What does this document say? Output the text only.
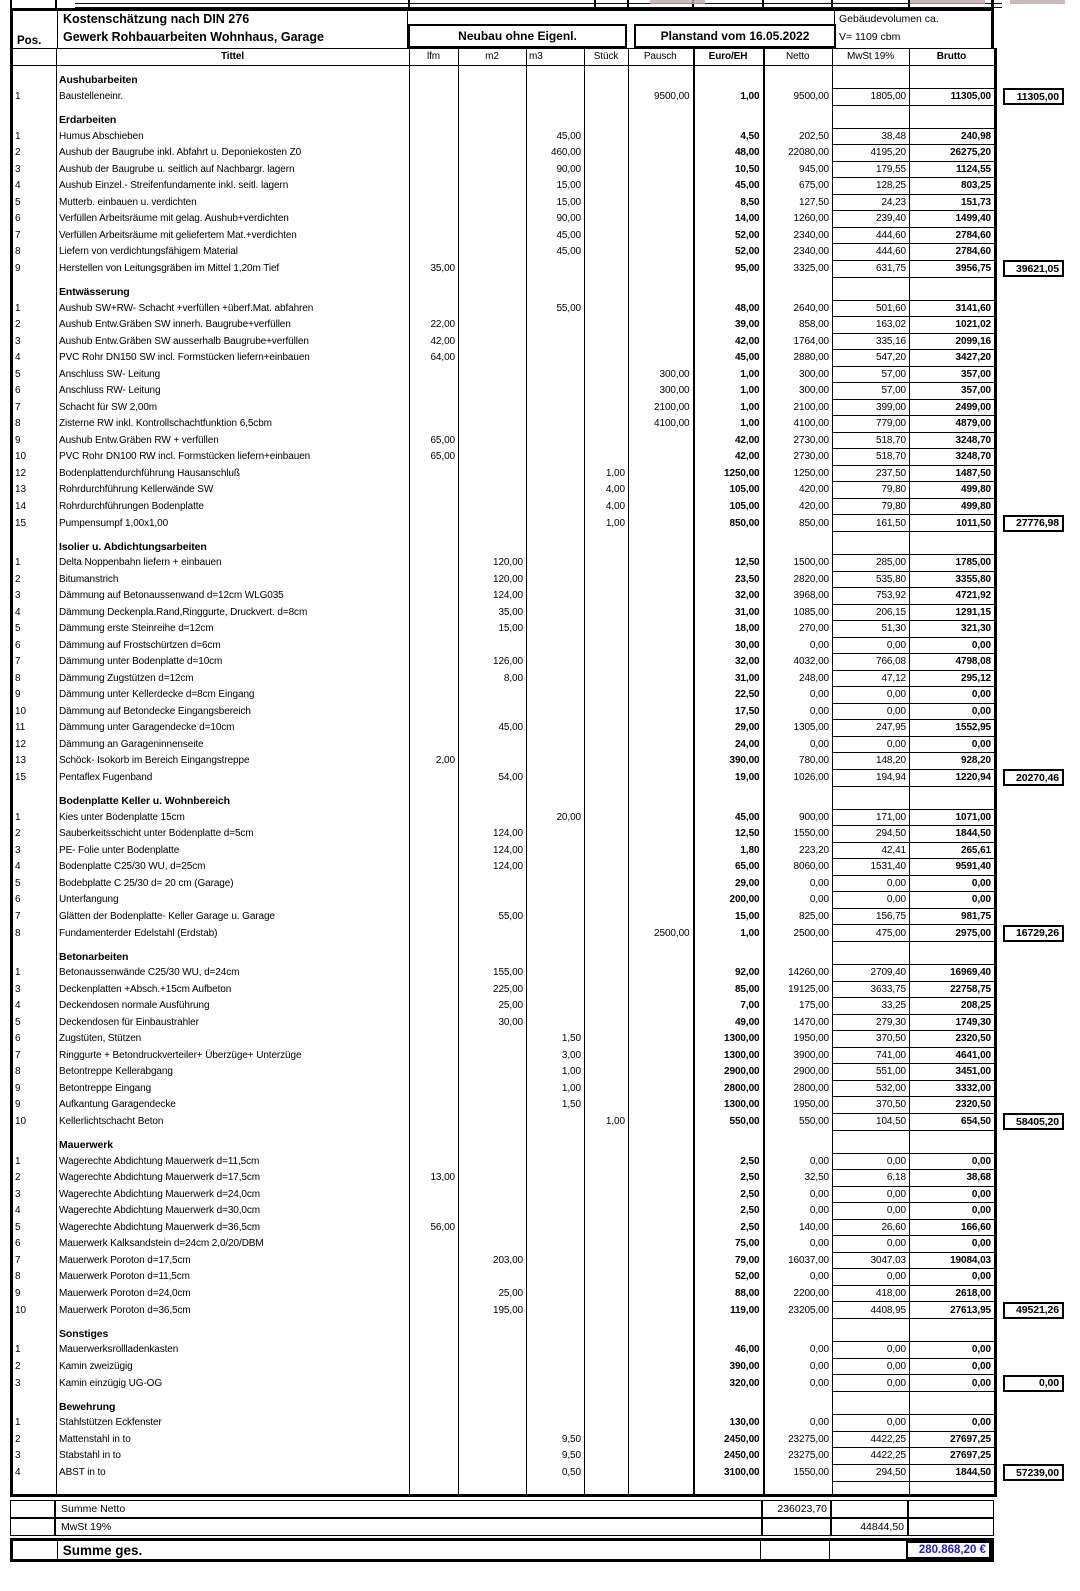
Pos.
Kostenschätzung nach DIN 276
Gewerk Rohbauarbeiten Wohnhaus, Garage	Neubau ohne Eigenl.	Planstand vom 16.05.2022
Gebäudevolumen ca.
V= 1109 cbm
	Tittel	lfm	m2	m3	Stück	Pausch	Euro/EH	Netto	MwSt 19%	Brutto	
	Aushubarbeiten										
1	Baustelleneinr.					9500,00	1,00	9500,00	1805,00	11305,00	11305,00

	Erdarbeiten										
1	Humus Abschieben			45,00			4,50	202,50	38,48	240,98	
2	Aushub der Baugrube inkl. Abfahrt u. Deponiekosten Z0			460,00			48,00	22080,00	4195,20	26275,20	
3	Aushub der Baugrube u. seitlich auf Nachbargr. lagern			90,00			10,50	945,00	179,55	1124,55	
4	Aushub Einzel.- Streifenfundamente inkl. seitl. lagern			15,00			45,00	675,00	128,25	803,25	
5	Mutterb. einbauen u. verdichten			15,00			8,50	127,50	24,23	151,73	
6	Verfüllen Arbeitsräume mit gelag. Aushub+verdichten			90,00			14,00	1260,00	239,40	1499,40	
7	Verfüllen Arbeitsräume mit geliefertem Mat.+verdichten			45,00			52,00	2340,00	444,60	2784,60	
8	Liefern von verdichtungsfähigem Material			45,00			52,00	2340,00	444,60	2784,60	
9	Herstellen von Leitungsgräben im Mittel 1,20m Tief	35,00					95,00	3325,00	631,75	3956,75	39621,05

	Entwässerung										
1	Aushub SW+RW- Schacht +verfüllen +überf.Mat. abfahren			55,00			48,00	2640,00	501,60	3141,60	
2	Aushub Entw.Gräben SW innerh. Baugrube+verfüllen	22,00					39,00	858,00	163,02	1021,02	
3	Aushub Entw.Gräben SW ausserhalb Baugrube+verfüllen	42,00					42,00	1764,00	335,16	2099,16	
4	PVC Rohr DN150 SW incl. Formstücken liefern+einbauen	64,00					45,00	2880,00	547,20	3427,20	
5	Anschluss SW- Leitung					300,00	1,00	300,00	57,00	357,00	
6	Anschluss RW- Leitung					300,00	1,00	300,00	57,00	357,00	
7	Schacht für SW 2,00m					2100,00	1,00	2100,00	399,00	2499,00	
8	Zisterne RW inkl. Kontrollschachtfunktion 6,5cbm					4100,00	1,00	4100,00	779,00	4879,00	
9	Aushub Entw.Gräben RW + verfüllen	65,00					42,00	2730,00	518,70	3248,70	
10	PVC Rohr DN100 RW incl. Formstücken liefern+einbauen	65,00					42,00	2730,00	518,70	3248,70	
12	Bodenplattendurchführung Hausanschluß				1,00		1250,00	1250,00	237,50	1487,50	
13	Rohrdurchführung Kellerwände SW				4,00		105,00	420,00	79,80	499,80	
14	Rohrdurchführungen Bodenplatte				4,00		105,00	420,00	79,80	499,80	
15	Pumpensumpf 1,00x1,00				1,00		850,00	850,00	161,50	1011,50	27776,98

	Isolier u. Abdichtungsarbeiten										
1	Delta Noppenbahn liefern + einbauen		120,00				12,50	1500,00	285,00	1785,00	
2	Bitumanstrich		120,00				23,50	2820,00	535,80	3355,80	
3	Dämmung auf Betonaussenwand d=12cm WLG035		124,00				32,00	3968,00	753,92	4721,92	
4	Dämmung Deckenpla.Rand,Ringgurte, Druckvert. d=8cm		35,00				31,00	1085,00	206,15	1291,15	
5	Dämmung erste Steinreihe d=12cm		15,00				18,00	270,00	51,30	321,30	
6	Dämmung auf Frostschürtzen d=6cm						30,00	0,00	0,00	0,00	
7	Dämmung unter Bodenplatte d=10cm		126,00				32,00	4032,00	766,08	4798,08	
8	Dämmung Zugstützen d=12cm		8,00				31,00	248,00	47,12	295,12	
9	Dämmung unter Kellerdecke d=8cm Eingang						22,50	0,00	0,00	0,00	
10	Dämmung auf Betondecke Eingangsbereich						17,50	0,00	0,00	0,00	
11	Dämmung unter Garagendecke d=10cm		45,00				29,00	1305,00	247,95	1552,95	
12	Dämmung an Garageninnenseite						24,00	0,00	0,00	0,00	
13	Schöck- Isokorb im Bereich Eingangstreppe	2,00					390,00	780,00	148,20	928,20	
15	Pentaflex Fugenband		54,00				19,00	1026,00	194,94	1220,94	20270,46

	Bodenplatte Keller u. Wohnbereich										
1	Kies unter Bodenplatte 15cm			20,00			45,00	900,00	171,00	1071,00	
2	Sauberkeitsschicht unter Bodenplatte d=5cm		124,00				12,50	1550,00	294,50	1844,50	
3	PE- Folie unter Bodenplatte		124,00				1,80	223,20	42,41	265,61	
4	Bodenplatte C25/30 WU, d=25cm		124,00				65,00	8060,00	1531,40	9591,40	
5	Bodebplatte C 25/30 d= 20 cm (Garage)						29,00	0,00	0,00	0,00	
6	Unterfangung						200,00	0,00	0,00	0,00	
7	Glätten der Bodenplatte- Keller Garage u. Garage		55,00				15,00	825,00	156,75	981,75	
8	Fundamenterder Edelstahl (Erdstab)					2500,00	1,00	2500,00	475,00	2975,00	16729,26

	Betonarbeiten										
1	Betonaussenwände C25/30 WU, d=24cm		155,00				92,00	14260,00	2709,40	16969,40	
3	Deckenplatten +Absch.+15cm Aufbeton		225,00				85,00	19125,00	3633,75	22758,75	
4	Deckendosen normale Ausführung		25,00				7,00	175,00	33,25	208,25	
5	Deckendosen für Einbaustrahler		30,00				49,00	1470,00	279,30	1749,30	
6	Zugstüten, Stützen			1,50			1300,00	1950,00	370,50	2320,50	
7	Ringgurte + Betondruckverteiler+ Überzüge+ Unterzüge			3,00			1300,00	3900,00	741,00	4641,00	
8	Betontreppe Kellerabgang			1,00			2900,00	2900,00	551,00	3451,00	
9	Betontreppe Eingang			1,00			2800,00	2800,00	532,00	3332,00	
9	Aufkantung Garagendecke			1,50			1300,00	1950,00	370,50	2320,50	
10	Kellerlichtschacht Beton				1,00		550,00	550,00	104,50	654,50	58405,20

	Mauerwerk										
1	Wagerechte Abdichtung Mauerwerk d=11,5cm						2,50	0,00	0,00	0,00	
2	Wagerechte Abdichtung Mauerwerk d=17,5cm	13,00					2,50	32,50	6,18	38,68	
3	Wagerechte Abdichtung Mauerwerk d=24,0cm						2,50	0,00	0,00	0,00	
4	Wagerechte Abdichtung Mauerwerk d=30,0cm						2,50	0,00	0,00	0,00	
5	Wagerechte Abdichtung Mauerwerk d=36,5cm	56,00					2,50	140,00	26,60	166,60	
6	Mauerwerk Kalksandstein d=24cm 2,0/20/DBM						75,00	0,00	0,00	0,00	
7	Mauerwerk Poroton d=17,5cm		203,00				79,00	16037,00	3047,03	19084,03	
8	Mauerwerk Poroton d=11,5cm						52,00	0,00	0,00	0,00	
9	Mauerwerk Poroton d=24,0cm		25,00				88,00	2200,00	418,00	2618,00	
10	Mauerwerk Poroton d=36,5cm		195,00				119,00	23205,00	4408,95	27613,95	49521,26

	Sonstiges										
1	Mauerwerksrollladenkasten						46,00	0,00	0,00	0,00	
2	Kamin zweizügig						390,00	0,00	0,00	0,00	
3	Kamin einzügig UG-OG						320,00	0,00	0,00	0,00	0,00

	Bewehrung										
1	Stahlstützen Eckfenster						130,00	0,00	0,00	0,00	
2	Mattenstahl in to			9,50			2450,00	23275,00	4422,25	27697,25	
3	Stabstahl in to			9,50			2450,00	23275,00	4422,25	27697,25	
4	ABST in to			0,50			3100,00	1550,00	294,50	1844,50	57239,00

Summe Netto	236023,70
MwSt 19%	44844,50
Summe ges.	280.868,20 €
